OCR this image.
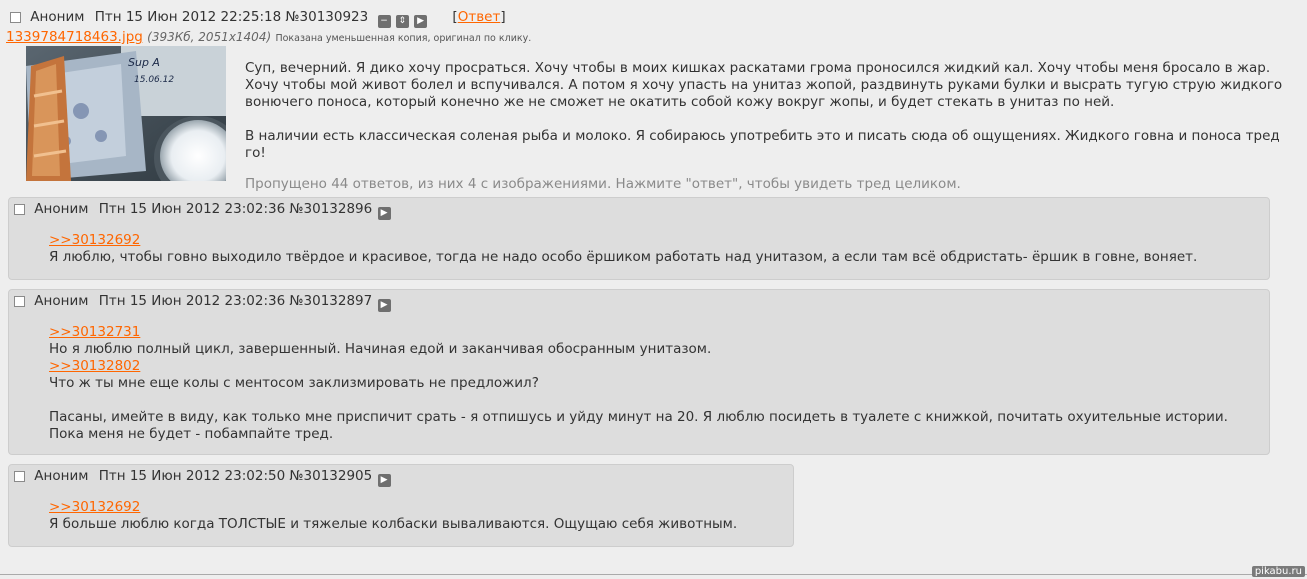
Аноним Птн 15 Июн 2012 22:25:18 №30130923 − ⇕ ▶ [Ответ]
1339784718463.jpg (393Кб, 2051x1404) Показана уменьшенная копия, оригинал по клику.
Sup A
15.06.12

Суп, вечерний. Я дико хочу просраться. Хочу чтобы в моих кишках раскатами грома проносился жидкий кал. Хочу чтобы меня бросало в жар. Хочу чтобы мой живот болел и вспучивался. А потом я хочу упасть на унитаз жопой, раздвинуть руками булки и высрать тугую струю жидкого вонючего поноса, который конечно же не сможет не окатить собой кожу вокруг жопы, и будет стекать в унитаз по ней.

В наличии есть классическая соленая рыба и молоко. Я собираюсь употребить это и писать сюда об ощущениях. Жидкого говна и поноса тред го!

Пропущено 44 ответов, из них 4 с изображениями. Нажмите "ответ", чтобы увидеть тред целиком.
Аноним Птн 15 Июн 2012 23:02:36 №30132896 ▶
>>30132692
Я люблю, чтобы говно выходило твёрдое и красивое, тогда не надо особо ёршиком работать над унитазом, а если там всё обдристать- ёршик в говне, воняет.
Аноним Птн 15 Июн 2012 23:02:36 №30132897 ▶
>>30132731
Но я люблю полный цикл, завершенный. Начиная едой и заканчивая обосранным унитазом.
>>30132802
Что ж ты мне еще колы с ментосом заклизмировать не предложил?
Пасаны, имейте в виду, как только мне приспичит срать - я отпишусь и уйду минут на 20. Я люблю посидеть в туалете с книжкой, почитать охуительные истории.
Пока меня не будет - побампайте тред.
Аноним Птн 15 Июн 2012 23:02:50 №30132905 ▶
>>30132692
Я больше люблю когда ТОЛСТЫЕ и тяжелые колбаски вываливаются. Ощущаю себя животным.
pikabu.ru
